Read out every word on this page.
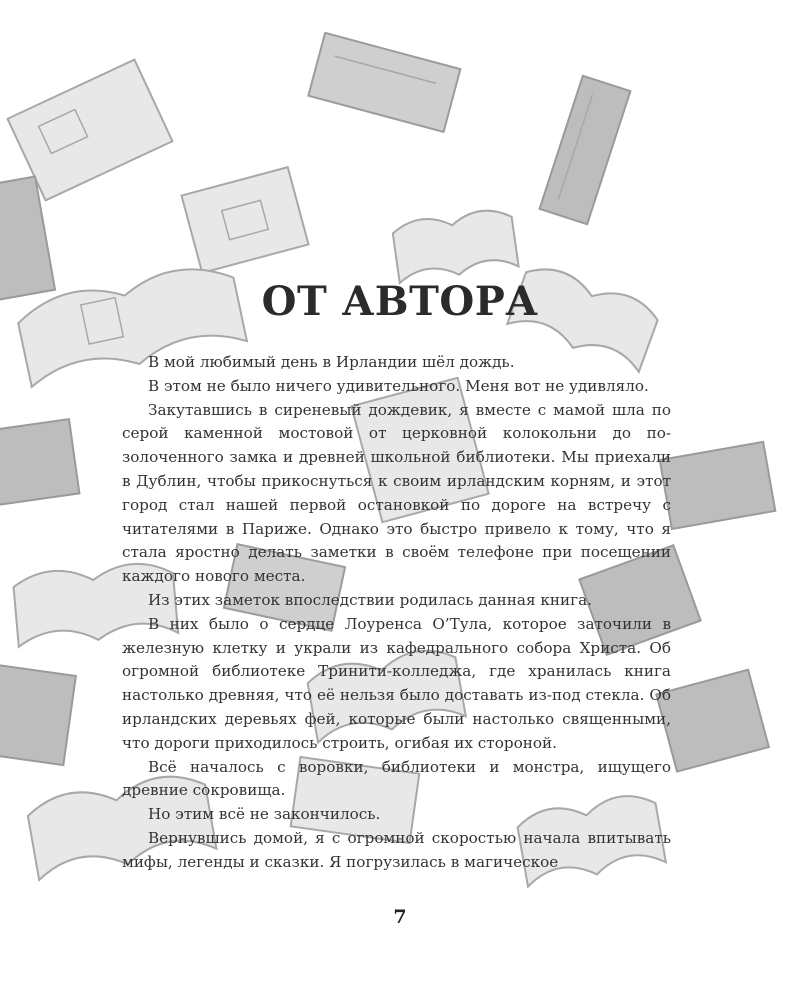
ОТ АВТОРА

В мой любимый день в Ирландии шёл дождь.

В этом не было ничего удивительного. Меня вот не удивляло.

Закутавшись в сиреневый дождевик, я вместе с мамой шла по серой каменной мостовой от церковной колокольни до позолоченного замка и древней школьной библиотеки. Мы приехали в Дублин, чтобы прикоснуться к своим ирландским корням, и этот город стал нашей первой остановкой по дороге на встречу с читателями в Париже. Однако это быстро привело к тому, что я стала яростно делать заметки в своём телефоне при посещении каждого нового места.

Из этих заметок впоследствии родилась данная книга.

В них было о сердце Лоуренса О’Тула, которое заточили в железную клетку и украли из кафедрального собора Христа. Об огромной библиотеке Тринити-колледжа, где хранилась книга настолько древняя, что её нельзя было доставать из-под стекла. Об ирландских деревьях фей, которые были настолько священными, что дороги приходилось строить, огибая их стороной.

Всё началось с воровки, библиотеки и монстра, ищущего древние сокровища.

Но этим всё не закончилось.

Вернувшись домой, я с огромной скоростью начала впитывать мифы, легенды и сказки. Я погрузилась в магическое

7
